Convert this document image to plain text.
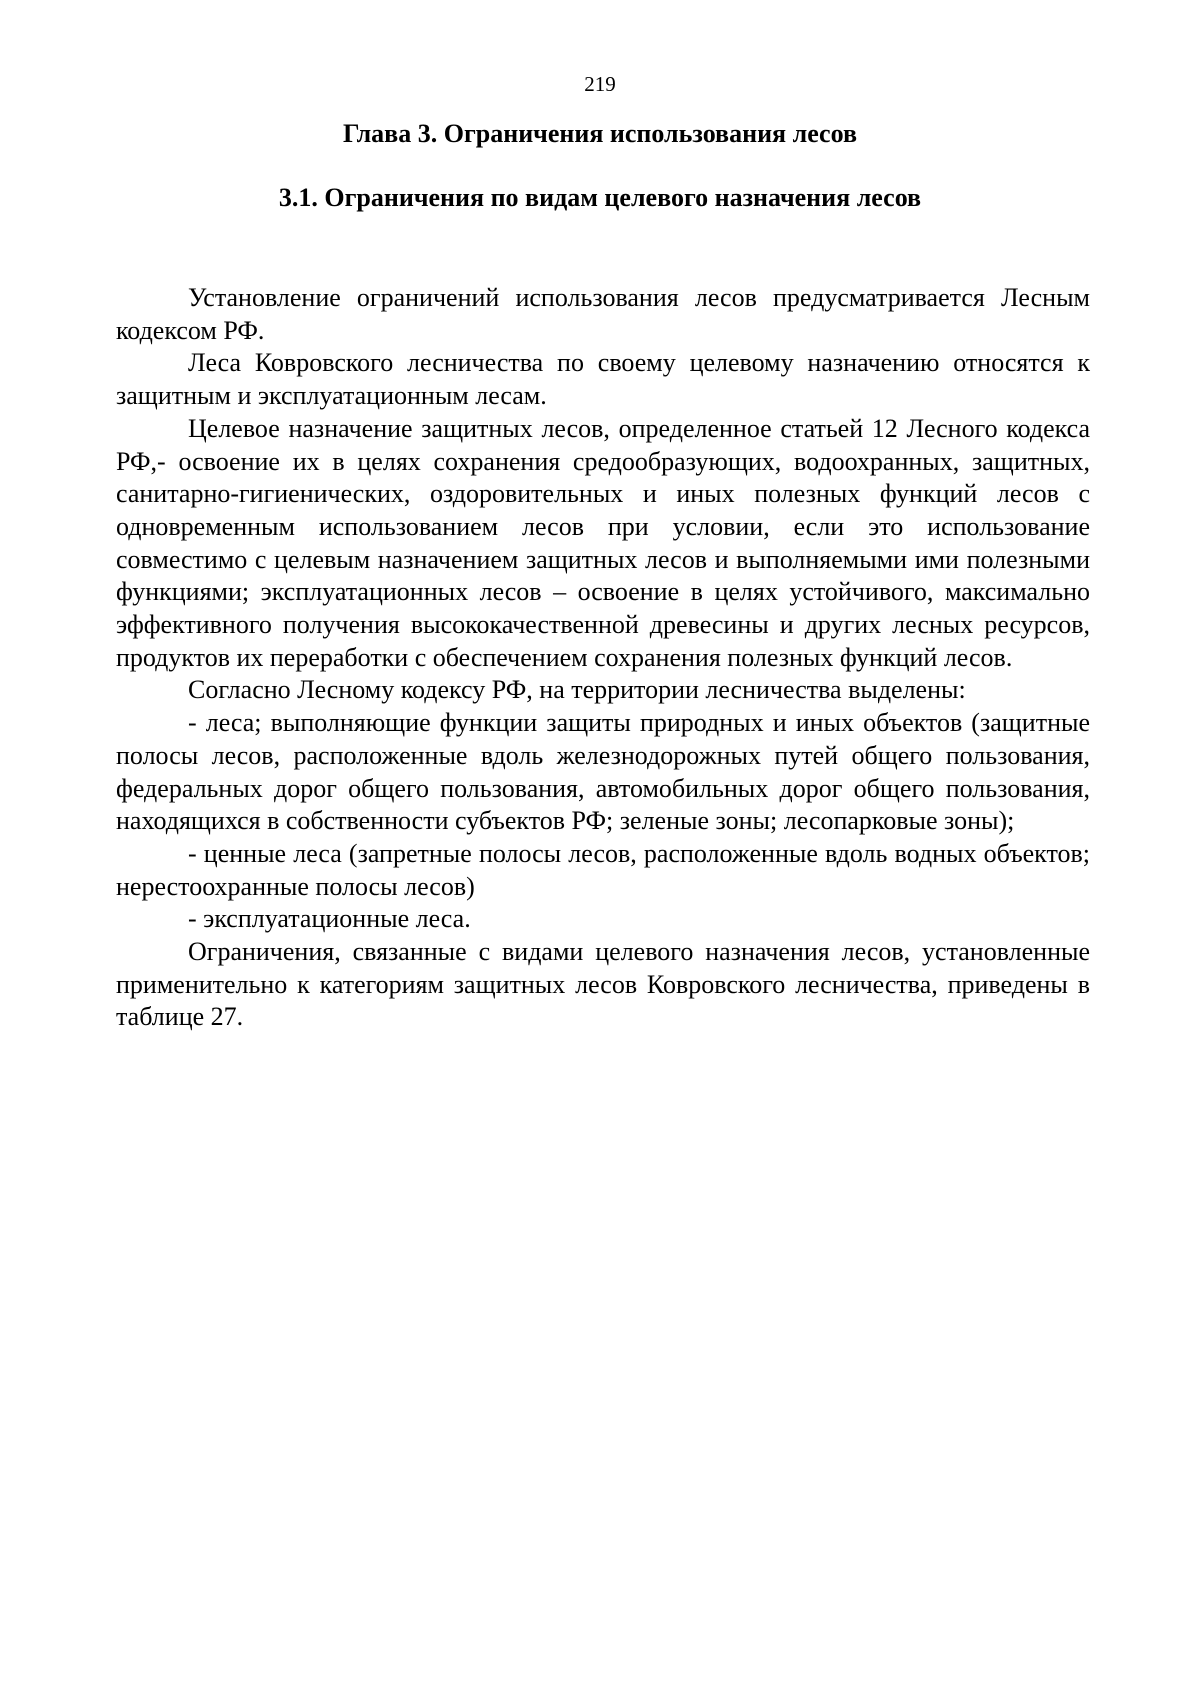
219
Глава 3. Ограничения использования лесов
3.1. Ограничения по видам целевого назначения лесов

Установление ограничений использования лесов предусматривается Лесным кодексом РФ.

Леса Ковровского лесничества по своему целевому назначению относятся к защитным и эксплуатационным лесам.

Целевое назначение защитных лесов, определенное статьей 12 Лесного кодекса РФ,- освоение их в целях сохранения средообразующих, водоохранных, защитных, санитарно-гигиенических, оздоровительных и иных полезных функций лесов с одновременным использованием лесов при условии, если это использование совместимо с целевым назначением защитных лесов и выполняемыми ими полезными функциями; эксплуатационных лесов – освоение в целях устойчивого, максимально эффективного получения высококачественной древесины и других лесных ресурсов, продуктов их переработки с обеспечением сохранения полезных функций лесов.

Согласно Лесному кодексу РФ, на территории лесничества выделены:

- леса; выполняющие функции защиты природных и иных объектов (защитные полосы лесов, расположенные вдоль железнодорожных путей общего пользования, федеральных дорог общего пользования, автомобильных дорог общего пользования, находящихся в собственности субъектов РФ; зеленые зоны; лесопарковые зоны);

- ценные леса (запретные полосы лесов, расположенные вдоль водных объектов; нерестоохранные полосы лесов)

- эксплуатационные леса.

Ограничения, связанные с видами целевого назначения лесов, установленные применительно к категориям защитных лесов Ковровского лесничества, приведены в таблице 27.
